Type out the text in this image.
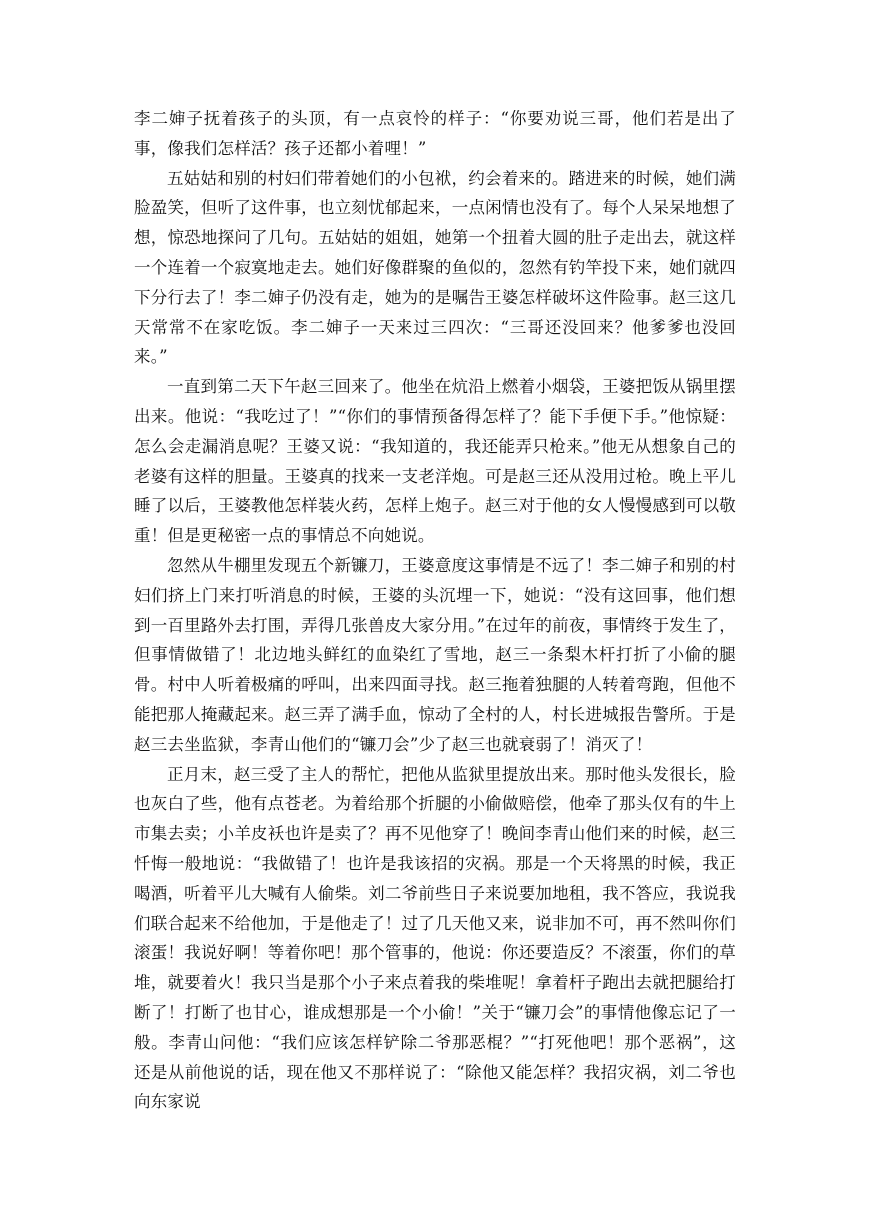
李二婶子抚着孩子的头顶，有一点哀怜的样子：“你要劝说三哥，他们若是出了事，像我们怎样活？孩子还都小着哩！”

五姑姑和别的村妇们带着她们的小包袱，约会着来的。踏进来的时候，她们满脸盈笑，但听了这件事，也立刻忧郁起来，一点闲情也没有了。每个人呆呆地想了想，惊恐地探问了几句。五姑姑的姐姐，她第一个扭着大圆的肚子走出去，就这样一个连着一个寂寞地走去。她们好像群聚的鱼似的，忽然有钓竿投下来，她们就四下分行去了！李二婶子仍没有走，她为的是嘱告王婆怎样破坏这件险事。赵三这几天常常不在家吃饭。李二婶子一天来过三四次：“三哥还没回来？他爹爹也没回来。”

一直到第二天下午赵三回来了。他坐在炕沿上燃着小烟袋，王婆把饭从锅里摆出来。他说：“我吃过了！”“你们的事情预备得怎样了？能下手便下手。”他惊疑：怎么会走漏消息呢？王婆又说：“我知道的，我还能弄只枪来。”他无从想象自己的老婆有这样的胆量。王婆真的找来一支老洋炮。可是赵三还从没用过枪。晚上平儿睡了以后，王婆教他怎样装火药，怎样上炮子。赵三对于他的女人慢慢感到可以敬重！但是更秘密一点的事情总不向她说。

忽然从牛棚里发现五个新镰刀，王婆意度这事情是不远了！李二婶子和别的村妇们挤上门来打听消息的时候，王婆的头沉埋一下，她说：“没有这回事，他们想到一百里路外去打围，弄得几张兽皮大家分用。”在过年的前夜，事情终于发生了，但事情做错了！北边地头鲜红的血染红了雪地，赵三一条梨木杆打折了小偷的腿骨。村中人听着极痛的呼叫，出来四面寻找。赵三拖着独腿的人转着弯跑，但他不能把那人掩藏起来。赵三弄了满手血，惊动了全村的人，村长进城报告警所。于是赵三去坐监狱，李青山他们的“镰刀会”少了赵三也就衰弱了！消灭了！

正月末，赵三受了主人的帮忙，把他从监狱里提放出来。那时他头发很长，脸也灰白了些，他有点苍老。为着给那个折腿的小偷做赔偿，他牵了那头仅有的牛上市集去卖；小羊皮袄也许是卖了？再不见他穿了！晚间李青山他们来的时候，赵三忏悔一般地说：“我做错了！也许是我该招的灾祸。那是一个天将黑的时候，我正喝酒，听着平儿大喊有人偷柴。刘二爷前些日子来说要加地租，我不答应，我说我们联合起来不给他加，于是他走了！过了几天他又来，说非加不可，再不然叫你们滚蛋！我说好啊！等着你吧！那个管事的，他说：你还要造反？不滚蛋，你们的草堆，就要着火！我只当是那个小子来点着我的柴堆呢！拿着杆子跑出去就把腿给打断了！打断了也甘心，谁成想那是一个小偷！”关于“镰刀会”的事情他像忘记了一般。李青山问他：“我们应该怎样铲除二爷那恶棍？”“打死他吧！那个恶祸”，这还是从前他说的话，现在他又不那样说了：“除他又能怎样？我招灾祸，刘二爷也向东家说
